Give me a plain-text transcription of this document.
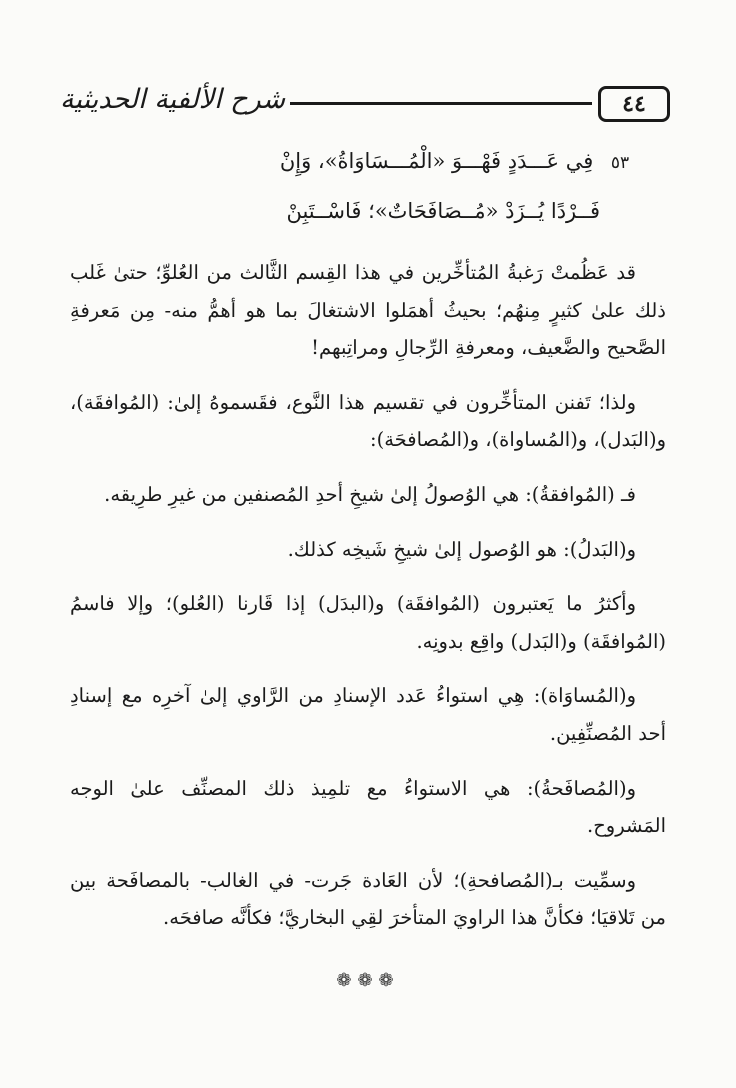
٤٤
شرح الألفية الحديثية
٥٣ فِي عَـــدَدٍ فَهْـــوَ «الْمُـــسَاوَاةُ»، وَإِنْ
فَــرْدًا يُــزَدْ «مُــصَافَحَاتٌ»؛ فَاسْــتَبِنْ

قد عَظُمتْ رَغبةُ المُتأخِّرين في هذا القِسم الثَّالث من العُلوِّ؛ حتىٰ غَلب ذلك علىٰ كثيرٍ مِنهُم؛ بحيثُ أهمَلوا الاشتغالَ بما هو أهمُّ منه- مِن مَعرفةِ الصَّحيح والضَّعيف، ومعرفةِ الرِّجالِ ومراتِبهم!

ولذا؛ تَفنن المتأخِّرون في تقسيم هذا النَّوع، فقَسموهُ إلىٰ: (المُوافقَة)، و(البَدل)، و(المُساواة)، و(المُصافحَة):

فـ (المُوافقةُ): هي الوُصولُ إلىٰ شيخِ أحدِ المُصنفين من غيرِ طرِيقه.

و(البَدلُ): هو الوُصول إلىٰ شيخِ شَيخِه كذلك.

وأكثرُ ما يَعتبرون (المُوافقَة) و(البدَل) إذا قَارنا (العُلو)؛ وإلا فاسمُ (المُوافقَة) و(البَدل) واقِع بدونِه.

و(المُساوَاة): هِي استواءُ عَدد الإسنادِ من الرَّاوي إلىٰ آخرِه مع إسنادِ أحد المُصنِّفِين.

و(المُصافَحةُ): هي الاستواءُ مع تلمِيذ ذلك المصنِّف علىٰ الوجه المَشروح.

وسمِّيت بـ(المُصافحةِ)؛ لأن العَادة جَرت- في الغالب- بالمصافَحة بين من تَلاقيَا؛ فكأنَّ هذا الراويَ المتأخرَ لقِي البخاريَّ؛ فكأنَّه صافحَه.

❁❁❁
